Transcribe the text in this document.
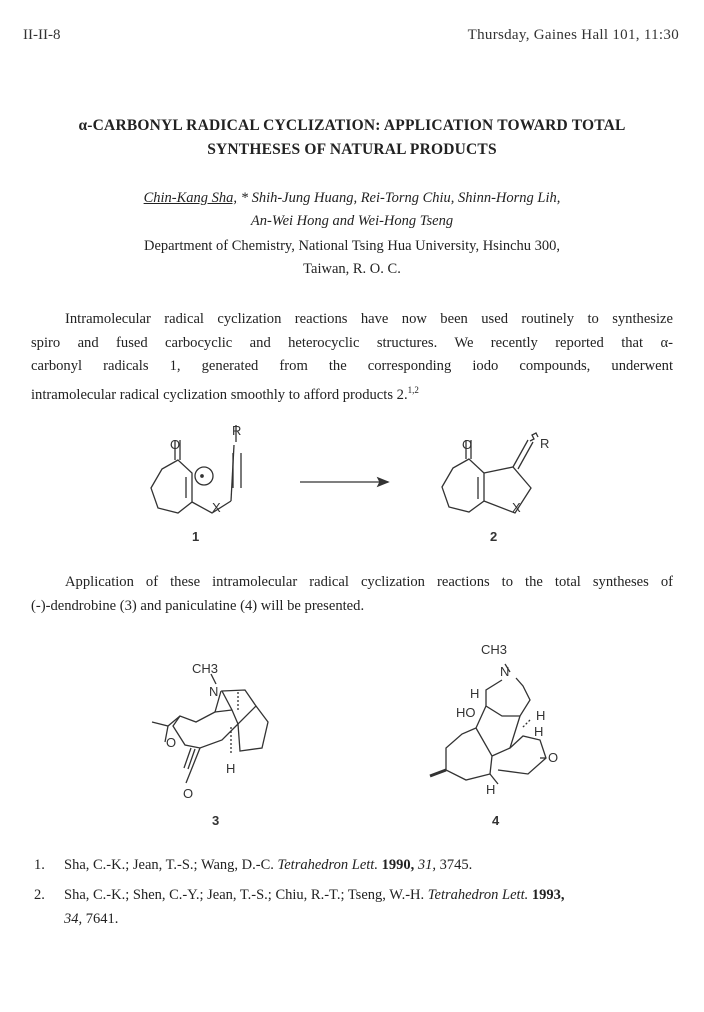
II-II-8	Thursday, Gaines Hall 101, 11:30
α-CARBONYL RADICAL CYCLIZATION: APPLICATION TOWARD TOTAL
SYNTHESES OF NATURAL PRODUCTS
Chin-Kang Sha, * Shih-Jung Huang, Rei-Torng Chiu, Shinn-Horng Lih,
An-Wei Hong and Wei-Hong Tseng
Department of Chemistry, National Tsing Hua University, Hsinchu 300,
Taiwan, R. O. C.
Intramolecular radical cyclization reactions have now been used routinely to synthesize
spiro and fused carbocyclic and heterocyclic structures. We recently reported that α-
carbonyl radicals 1, generated from the corresponding iodo compounds, underwent
intramolecular radical cyclization smoothly to afford products 2.$^{1,2}$
O
R
X
1
O	R
X
2
Application of these intramolecular radical cyclization reactions to the total syntheses of
(-)-dendrobine (3) and paniculatine (4) will be presented.
CH3
N
O
O
H
3
CH3
N
H
HO	H
H
H
O
4
1. Sha, C.-K.; Jean, T.-S.; Wang, D.-C. Tetrahedron Lett. 1990, 31, 3745.
2. Sha, C.-K.; Shen, C.-Y.; Jean, T.-S.; Chiu, R.-T.; Tseng, W.-H. Tetrahedron Lett. 1993,
34, 7641.
